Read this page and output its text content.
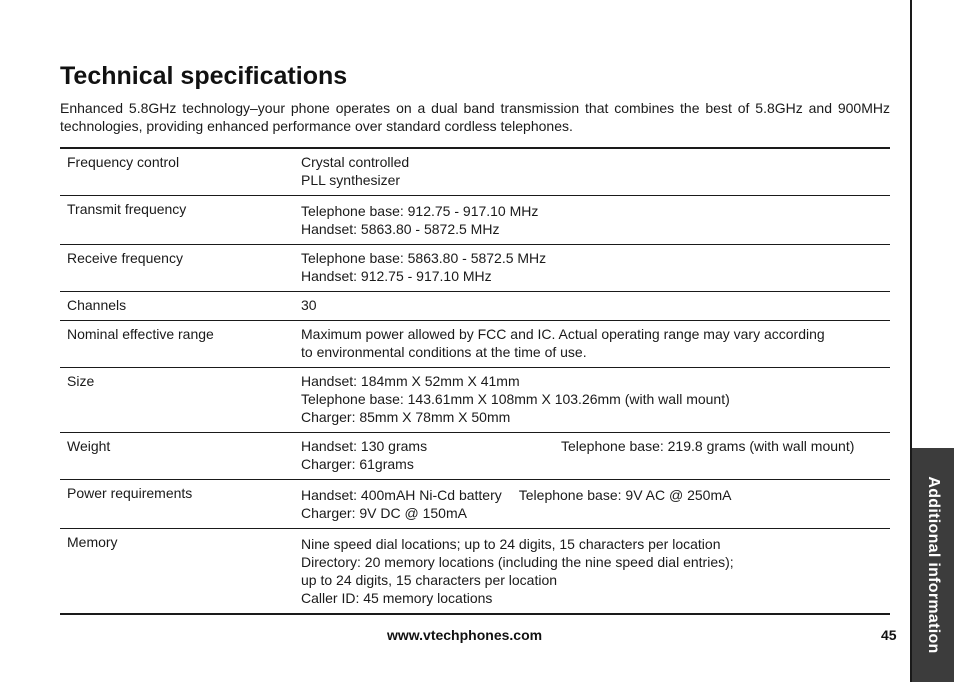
Additional information
Technical specifications

Enhanced 5.8GHz technology–your phone operates on a dual band transmission that combines the best of 5.8GHz and 900MHz technologies, providing enhanced performance over standard cordless telephones.

Frequency control	Crystal controlled
PLL synthesizer

Transmit frequency	Telephone base: 912.75 - 917.10 MHz
Handset: 5863.80 - 5872.5 MHz

Receive frequency	Telephone base: 5863.80 - 5872.5 MHz
Handset: 912.75 - 917.10 MHz

Channels	30

Nominal effective range	Maximum power allowed by FCC and IC. Actual operating range may vary according
to environmental conditions at the time of use.

Size	Handset: 184mm X 52mm X 41mm
Telephone base: 143.61mm X 108mm X 103.26mm (with wall mount)
Charger: 85mm X 78mm X 50mm

Weight	Handset: 130 grams Telephone base: 219.8 grams (with wall mount)
Charger: 61grams

Power requirements	Handset: 400mAH Ni-Cd battery Telephone base: 9V AC @ 250mA
Charger: 9V DC @ 150mA

Memory	Nine speed dial locations; up to 24 digits, 15 characters per location
Directory: 20 memory locations (including the nine speed dial entries);
up to 24 digits, 15 characters per location
Caller ID: 45 memory locations
www.vtechphones.com	45
